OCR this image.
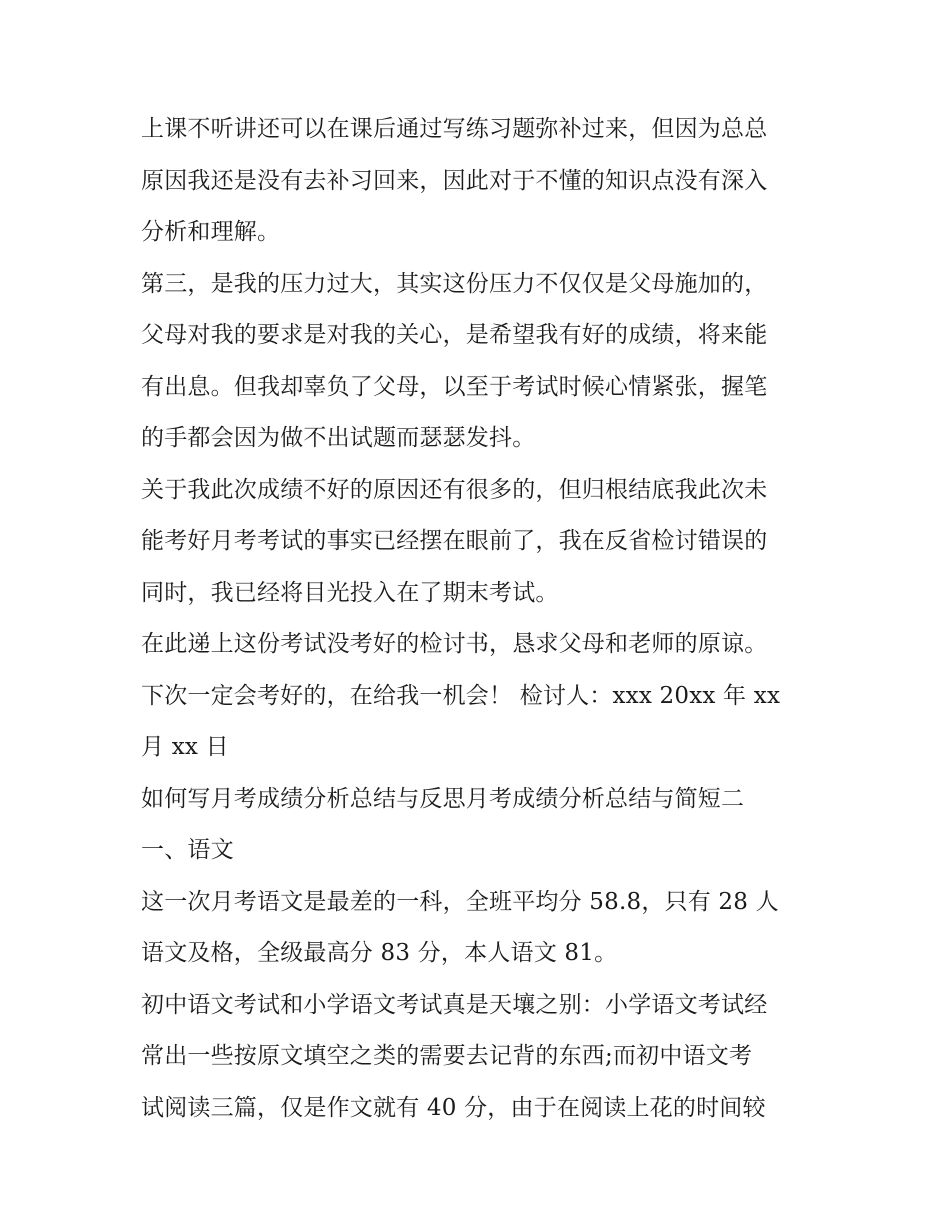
上课不听讲还可以在课后通过写练习题弥补过来，但因为总总
原因我还是没有去补习回来，因此对于不懂的知识点没有深入
分析和理解。
第三，是我的压力过大，其实这份压力不仅仅是父母施加的，
父母对我的要求是对我的关心，是希望我有好的成绩，将来能
有出息。但我却辜负了父母，以至于考试时候心情紧张，握笔
的手都会因为做不出试题而瑟瑟发抖。
关于我此次成绩不好的原因还有很多的，但归根结底我此次未
能考好月考考试的事实已经摆在眼前了，我在反省检讨错误的
同时，我已经将目光投入在了期末考试。
在此递上这份考试没考好的检讨书，恳求父母和老师的原谅。
下次一定会考好的，在给我一机会！ 检讨人：xxx 20xx 年 xx
月 xx 日
如何写月考成绩分析总结与反思月考成绩分析总结与简短二
一、语文
这一次月考语文是最差的一科，全班平均分 58.8，只有 28 人
语文及格，全级最高分 83 分，本人语文 81。
初中语文考试和小学语文考试真是天壤之别：小学语文考试经
常出一些按原文填空之类的需要去记背的东西;而初中语文考
试阅读三篇，仅是作文就有 40 分，由于在阅读上花的时间较
